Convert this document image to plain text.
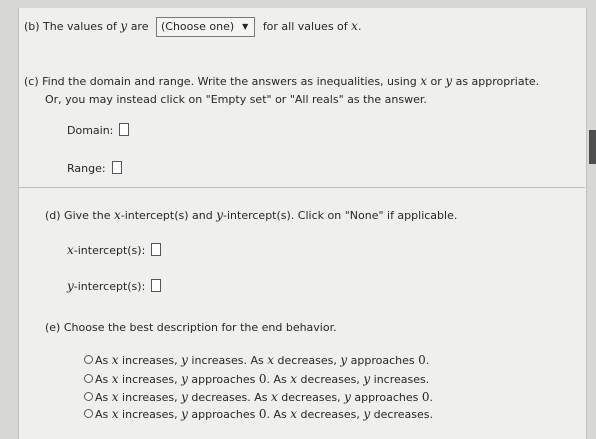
(b) The values of y are (Choose one) ▼ for all values of x.
(c) Find the domain and range. Write the answers as inequalities, using x or y as appropriate.
Or, you may instead click on "Empty set" or "All reals" as the answer.
Domain:
Range:
(d) Give the x-intercept(s) and y-intercept(s). Click on "None" if applicable.
x-intercept(s):
y-intercept(s):
(e) Choose the best description for the end behavior.
As x increases, y increases. As x decreases, y approaches 0.
As x increases, y approaches 0. As x decreases, y increases.
As x increases, y decreases. As x decreases, y approaches 0.
As x increases, y approaches 0. As x decreases, y decreases.
